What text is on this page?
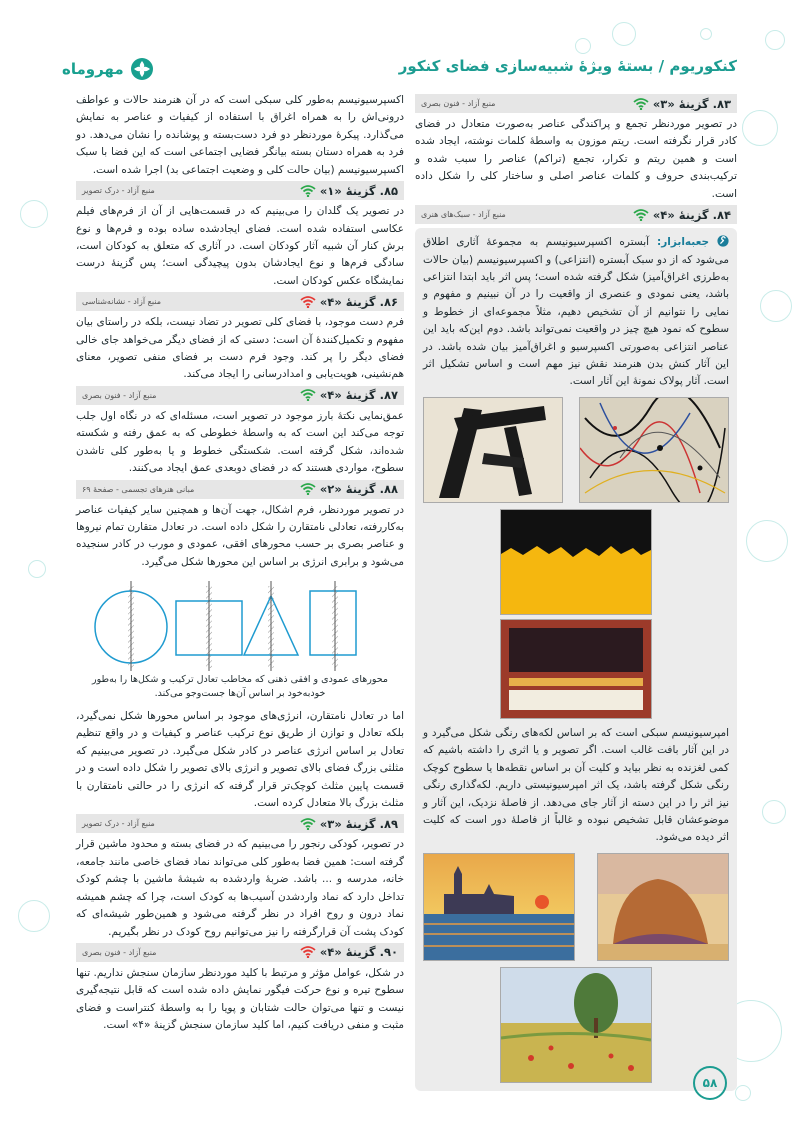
کنکوریوم / بستهٔ ویژهٔ شبیه‌سازی فضای کنکور
مهروماه
۸۳. گزینهٔ «۳»
منبع آزاد - فنون بصری

در تصویر موردنظر تجمع و پراکندگی عناصر به‌صورت متعادل در فضای کادر قرار نگرفته است. ریتم موزون به واسطهٔ کلمات نوشته، ایجاد شده است و همین ریتم و تکرار، تجمع (تراکم) عناصر را سبب شده و ترکیب‌بندی حروف و کلمات عناصر اصلی و ساختار کلی را شکل داده است.

۸۴. گزینهٔ «۴»
منبع آزاد - سبک‌های هنری

جعبه‌ابزار: آبستره اکسپرسیونیسم به مجموعهٔ آثاری اطلاق می‌شود که از دو سبک آبستره (انتزاعی) و اکسپرسیونیسم (بیان حالات به‌طرزی اغراق‌آمیز) شکل گرفته شده است؛ پس اثر باید ابتدا انتزاعی باشد، یعنی نمودی و عنصری از واقعیت را در آن نبینیم و مفهوم و نمایی را نتوانیم از آن تشخیص دهیم، مثلاً مجموعه‌ای از خطوط و سطوح که نمود هیچ چیز در واقعیت نمی‌تواند باشد. دوم این‌که باید این عناصر انتزاعی به‌صورتی اکسپرسیو و اغراق‌آمیز بیان شده باشد. در این آثار کنش بدن هنرمند نقش نیز مهم است و اساس تشکیل اثر است. آثار پولاک نمونهٔ این آثار است.

امپرسیونیسم سبکی است که بر اساس لکه‌های رنگی شکل می‌گیرد و در این آثار بافت غالب است. اگر تصویر و یا اثری را داشته باشیم که کمی لغزنده به نظر بیاید و کلیت آن بر اساس نقطه‌ها یا سطوح کوچک رنگی شکل گرفته باشد، یک اثر امپرسیونیستی داریم. لکه‌گذاری رنگی نیز اثر را در این دسته از آثار جای می‌دهد. از فاصلهٔ نزدیک، این آثار و موضوعشان قابل تشخیص نبوده و غالباً از فاصلهٔ دور است که کلیت اثر دیده می‌شود.

اکسپرسیونیسم به‌طور کلی سبکی است که در آن هنرمند حالات و عواطف درونی‌اش را به همراه اغراق با استفاده از کیفیات و عناصر به نمایش می‌گذارد. پیکرهٔ موردنظر دو فرد دست‌بسته و پوشانده را نشان می‌دهد. دو فرد به همراه دستان بسته بیانگر فضایی اجتماعی است که این فضا با سبک اکسپرسیونیسم (بیان حالت کلی و وضعیت اجتماعی بد) اجرا شده است.

۸۵. گزینهٔ «۱»
منبع آزاد - درک تصویر

در تصویر یک گلدان را می‌بینیم که در قسمت‌هایی از آن از فرم‌های فیلم عکاسی استفاده شده است. فضای ایجادشده ساده بوده و فرم‌ها و نوع برش کنار آن شبیه آثار کودکان است. در آثاری که متعلق به کودکان است، سادگی فرم‌ها و نوع ایجادشان بدون پیچیدگی است؛ پس گزینهٔ درست نمایشگاه عکس کودکان است.

۸۶. گزینهٔ «۴»
منبع آزاد - نشانه‌شناسی

فرم دست موجود، با فضای کلی تصویر در تضاد نیست، بلکه در راستای بیان مفهوم و تکمیل‌کنندهٔ آن است: دستی که از فضای دیگر می‌خواهد جای خالی فضای دیگر را پر کند. وجود فرم دست بر فضای منفی تصویر، معنای هم‌نشینی، هویت‌یابی و امدادرسانی را ایجاد می‌کند.

۸۷. گزینهٔ «۴»
منبع آزاد - فنون بصری

عمق‌نمایی نکتهٔ بارز موجود در تصویر است، مسئله‌ای که در نگاه اول جلب توجه می‌کند این است که به واسطهٔ خطوطی که به عمق رفته و شکسته شده‌اند، شکل گرفته است. شکستگی خطوط و یا به‌طور کلی تاشدن سطوح، مواردی هستند که در فضای دوبعدی عمق ایجاد می‌کنند.

۸۸. گزینهٔ «۲»
مبانی هنرهای تجسمی - صفحهٔ ۶۹

در تصویر موردنظر، فرم اشکال، جهت آن‌ها و همچنین سایر کیفیات عناصر به‌کاررفته، تعادلی نامتقارن را شکل داده است. در تعادل متقارن تمام نیروها و عناصر بصری بر حسب محورهای افقی، عمودی و مورب در کادر سنجیده می‌شود و برابری انرژی بر اساس این محورها شکل می‌گیرد.

محورهای عمودی و افقی ذهنی که مخاطب تعادل ترکیب و شکل‌ها را به‌طور خودبه‌خود بر اساس آن‌ها جست‌وجو می‌کند.

اما در تعادل نامتقارن، انرژی‌های موجود بر اساس محورها شکل نمی‌گیرد، بلکه تعادل و توازن از طریق نوع ترکیب عناصر و کیفیات و در واقع تنظیم تعادل بر اساس انرژی عناصر در کادر شکل می‌گیرد. در تصویر می‌بینیم که مثلثی بزرگ فضای بالای تصویر و انرژی بالای تصویر را شکل داده است و در قسمت پایین مثلث کوچک‌تر قرار گرفته که انرژی را در حالتی نامتقارن با مثلث بزرگ بالا متعادل کرده است.

۸۹. گزینهٔ «۳»
منبع آزاد - درک تصویر

در تصویر، کودکی رنجور را می‌بینیم که در فضای بسته و محدود ماشین قرار گرفته است: همین فضا به‌طور کلی می‌تواند نماد فضای خاصی مانند جامعه، خانه، مدرسه و ... باشد. ضربهٔ واردشده به شیشهٔ ماشین با چشم کودک تداخل دارد که نماد واردشدن آسیب‌ها به کودک است، چرا که چشم همیشه نماد درون و روح افراد در نظر گرفته می‌شود و همین‌طور شیشه‌ای که کودک پشت آن قرارگرفته را نیز می‌توانیم روح کودک در نظر بگیریم.

۹۰. گزینهٔ «۴»
منبع آزاد - فنون بصری

در شکل، عوامل مؤثر و مرتبط با کلید موردنظر سازمان سنجش نداریم. تنها سطوح تیره و نوع حرکت فیگور نمایش داده شده است که قابل نتیجه‌گیری نیست و تنها می‌توان حالت شتابان و پویا را به واسطهٔ کنتراست و فضای مثبت و منفی دریافت کنیم، اما کلید سازمان سنجش گزینهٔ «۴» است.

۵۸
